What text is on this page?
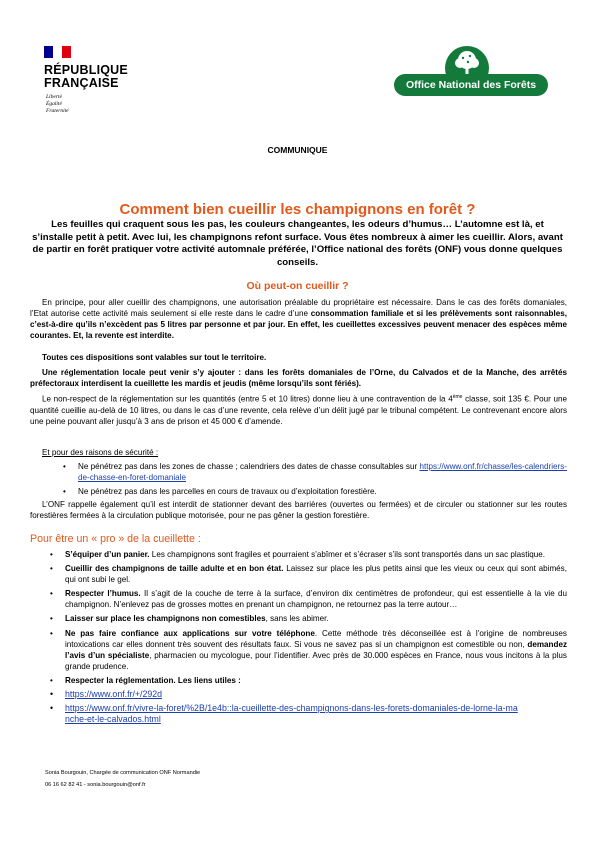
RÉPUBLIQUE
FRANÇAISE
Liberté
Égalité
Fraternité
Office National des Forêts
COMMUNIQUE
Comment bien cueillir les champignons en forêt ?
Les feuilles qui craquent sous les pas, les couleurs changeantes, les odeurs d’humus… L’automne est là, et s’installe petit à petit. Avec lui, les champignons refont surface. Vous êtes nombreux à aimer les cueillir. Alors, avant de partir en forêt pratiquer votre activité automnale préférée, l’Office national des forêts (ONF) vous donne quelques conseils.
Où peut-on cueillir ?
En principe, pour aller cueillir des champignons, une autorisation préalable du propriétaire est nécessaire. Dans le cas des forêts domaniales, l’Etat autorise cette activité mais seulement si elle reste dans le cadre d’une consommation familiale et si les prélèvements sont raisonnables, c’est-à-dire qu’ils n’excèdent pas 5 litres par personne et par jour. En effet, les cueillettes excessives peuvent menacer des espèces même courantes. Et, la revente est interdite.
Toutes ces dispositions sont valables sur tout le territoire.
Une réglementation locale peut venir s’y ajouter : dans les forêts domaniales de l’Orne, du Calvados et de la Manche, des arrêtés préfectoraux interdisent la cueillette les mardis et jeudis (même lorsqu’ils sont fériés).
Le non-respect de la réglementation sur les quantités (entre 5 et 10 litres) donne lieu à une contravention de la 4ème classe, soit 135 €. Pour une quantité cueillie au-delà de 10 litres, ou dans le cas d’une revente, cela relève d’un délit jugé par le tribunal compétent. Le contrevenant encore alors une peine pouvant aller jusqu’à 3 ans de prison et 45 000 € d’amende.
Et pour des raisons de sécurité :
• Ne pénétrez pas dans les zones de chasse ; calendriers des dates de chasse consultables sur https://www.onf.fr/chasse/les-calendriers-de-chasse-en-foret-domaniale
• Ne pénétrez pas dans les parcelles en cours de travaux ou d’exploitation forestière.
L’ONF rappelle également qu’il est interdit de stationner devant des barrières (ouvertes ou fermées) et de circuler ou stationner sur les routes forestières fermées à la circulation publique motorisée, pour ne pas gêner la gestion forestière.
Pour être un « pro » de la cueillette :
• S’équiper d’un panier. Les champignons sont fragiles et pourraient s’abîmer et s’écraser s’ils sont transportés dans un sac plastique.
• Cueillir des champignons de taille adulte et en bon état. Laissez sur place les plus petits ainsi que les vieux ou ceux qui sont abimés, qui ont subi le gel.
• Respecter l’humus. Il s’agit de la couche de terre à la surface, d’environ dix centimètres de profondeur, qui est essentielle à la vie du champignon. N’enlevez pas de grosses mottes en prenant un champignon, ne retournez pas la terre autour…
• Laisser sur place les champignons non comestibles, sans les abimer.
• Ne pas faire confiance aux applications sur votre téléphone. Cette méthode très déconseillée est à l’origine de nombreuses intoxications car elles donnent très souvent des résultats faux. Si vous ne savez pas si un champignon est comestible ou non, demandez l’avis d’un spécialiste, pharmacien ou mycologue, pour l’identifier. Avec près de 30.000 espèces en France, nous vous incitons à la plus grande prudence.
• Respecter la réglementation. Les liens utiles :
• https://www.onf.fr/+/292d
• https://www.onf.fr/vivre-la-foret/%2B/1e4b::la-cueillette-des-champignons-dans-les-forets-domaniales-de-lorne-la-manche-et-le-calvados.html
Sonia Bourgouin, Chargée de communication ONF Normandie
06 16 62 82 41 - sonia.bourgouin@onf.fr
